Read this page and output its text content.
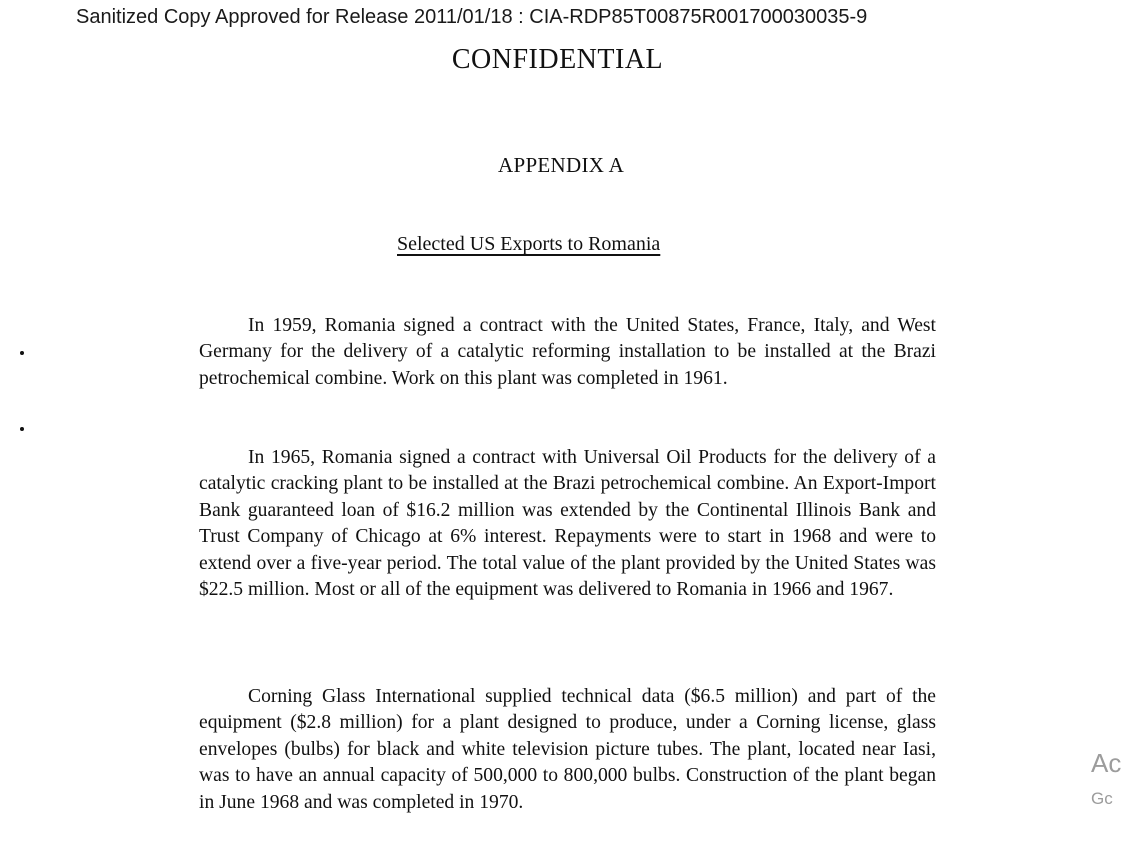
Sanitized Copy Approved for Release 2011/01/18 : CIA-RDP85T00875R001700030035-9
CONFIDENTIAL
APPENDIX A
Selected US Exports to Romania

In 1959, Romania signed a contract with the United States, France, Italy, and West Germany for the delivery of a catalytic reforming installation to be installed at the Brazi petrochemical combine. Work on this plant was completed in 1961.

In 1965, Romania signed a contract with Universal Oil Products for the delivery of a catalytic cracking plant to be installed at the Brazi petrochemical combine. An Export-Import Bank guaranteed loan of $16.2 million was extended by the Continental Illinois Bank and Trust Company of Chicago at 6% interest. Repayments were to start in 1968 and were to extend over a five-year period. The total value of the plant provided by the United States was $22.5 million. Most or all of the equipment was delivered to Romania in 1966 and 1967.

Corning Glass International supplied technical data ($6.5 million) and part of the equipment ($2.8 million) for a plant designed to produce, under a Corning license, glass envelopes (bulbs) for black and white television picture tubes. The plant, located near Iasi, was to have an annual capacity of 500,000 to 800,000 bulbs. Construction of the plant began in June 1968 and was completed in 1970.

Ac
Gc
